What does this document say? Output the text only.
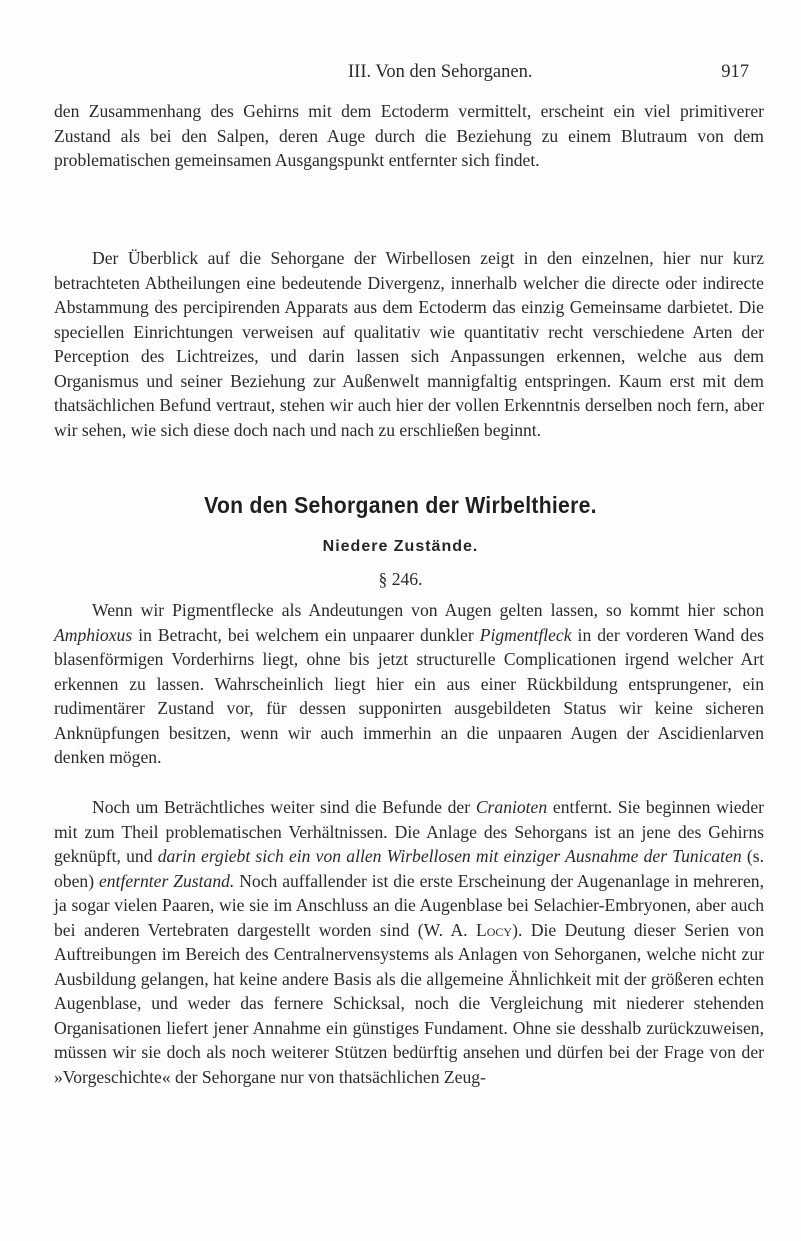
III. Von den Sehorganen.	917

den Zusammenhang des Gehirns mit dem Ectoderm vermittelt, erscheint ein viel primitiverer Zustand als bei den Salpen, deren Auge durch die Beziehung zu einem Blutraum von dem problematischen gemeinsamen Ausgangspunkt entfernter sich findet.

Der Überblick auf die Sehorgane der Wirbellosen zeigt in den einzelnen, hier nur kurz betrachteten Abtheilungen eine bedeutende Divergenz, innerhalb welcher die directe oder indirecte Abstammung des percipirenden Apparats aus dem Ectoderm das einzig Gemeinsame darbietet. Die speciellen Einrichtungen verweisen auf qualitativ wie quantitativ recht verschiedene Arten der Perception des Lichtreizes, und darin lassen sich Anpassungen erkennen, welche aus dem Organismus und seiner Beziehung zur Außenwelt mannigfaltig entspringen. Kaum erst mit dem thatsächlichen Befund vertraut, stehen wir auch hier der vollen Erkenntnis derselben noch fern, aber wir sehen, wie sich diese doch nach und nach zu erschließen beginnt.

Von den Sehorganen der Wirbelthiere.
Niedere Zustände.
§ 246.

Wenn wir Pigmentflecke als Andeutungen von Augen gelten lassen, so kommt hier schon Amphioxus in Betracht, bei welchem ein unpaarer dunkler Pigmentfleck in der vorderen Wand des blasenförmigen Vorderhirns liegt, ohne bis jetzt structurelle Complicationen irgend welcher Art erkennen zu lassen. Wahrscheinlich liegt hier ein aus einer Rückbildung entsprungener, ein rudimentärer Zustand vor, für dessen supponirten ausgebildeten Status wir keine sicheren Anknüpfungen besitzen, wenn wir auch immerhin an die unpaaren Augen der Ascidienlarven denken mögen.

Noch um Beträchtliches weiter sind die Befunde der Cranioten entfernt. Sie beginnen wieder mit zum Theil problematischen Verhältnissen. Die Anlage des Sehorgans ist an jene des Gehirns geknüpft, und darin ergiebt sich ein von allen Wirbellosen mit einziger Ausnahme der Tunicaten (s. oben) entfernter Zustand. Noch auffallender ist die erste Erscheinung der Augenanlage in mehreren, ja sogar vielen Paaren, wie sie im Anschluss an die Augenblase bei Selachier-Embryonen, aber auch bei anderen Vertebraten dargestellt worden sind (W. A. Locy). Die Deutung dieser Serien von Auftreibungen im Bereich des Centralnervensystems als Anlagen von Sehorganen, welche nicht zur Ausbildung gelangen, hat keine andere Basis als die allgemeine Ähnlichkeit mit der größeren echten Augenblase, und weder das fernere Schicksal, noch die Vergleichung mit niederer stehenden Organisationen liefert jener Annahme ein günstiges Fundament. Ohne sie desshalb zurückzuweisen, müssen wir sie doch als noch weiterer Stützen bedürftig ansehen und dürfen bei der Frage von der »Vorgeschichte« der Sehorgane nur von thatsächlichen Zeug-
